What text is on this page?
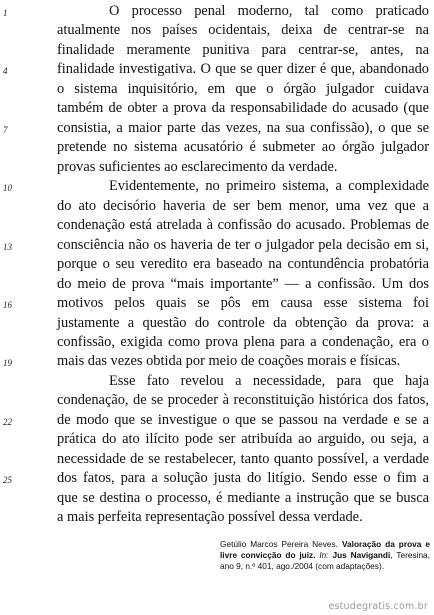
1	O processo penal moderno, tal como praticado
atualmente nos países ocidentais, deixa de centrar-se na
finalidade meramente punitiva para centrar-se, antes, na
4	finalidade investigativa. O que se quer dizer é que, abandonado
o sistema inquisitório, em que o órgão julgador cuidava
também de obter a prova da responsabilidade do acusado (que
7	consistia, a maior parte das vezes, na sua confissão), o que se
pretende no sistema acusatório é submeter ao órgão julgador
provas suficientes ao esclarecimento da verdade.
10	Evidentemente, no primeiro sistema, a complexidade
do ato decisório haveria de ser bem menor, uma vez que a
condenação está atrelada à confissão do acusado. Problemas de
13	consciência não os haveria de ter o julgador pela decisão em si,
porque o seu veredito era baseado na contundência probatória
do meio de prova “mais importante” — a confissão. Um dos
16	motivos pelos quais se pôs em causa esse sistema foi
justamente a questão do controle da obtenção da prova: a
confissão, exigida como prova plena para a condenação, era o
19	mais das vezes obtida por meio de coações morais e físicas.
Esse fato revelou a necessidade, para que haja
condenação, de se proceder à reconstituição histórica dos fatos,
22	de modo que se investigue o que se passou na verdade e se a
prática do ato ilícito pode ser atribuída ao arguido, ou seja, a
necessidade de se restabelecer, tanto quanto possível, a verdade
25	dos fatos, para a solução justa do litígio. Sendo esse o fim a
que se destina o processo, é mediante a instrução que se busca
a mais perfeita representação possível dessa verdade.
Getúlio Marcos Pereira Neves. Valoração da prova e livre convicção do juiz. In: Jus Navigandi, Teresina, ano 9, n.º 401, ago./2004 (com adaptações).
estudegratis.com.br
